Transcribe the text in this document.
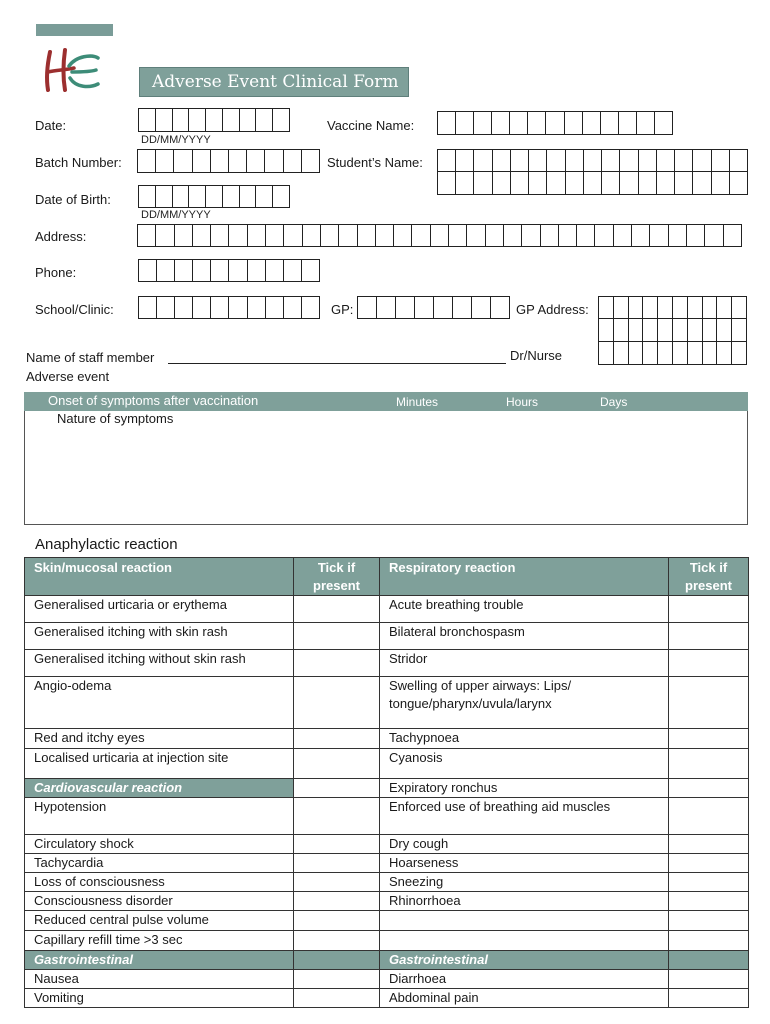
Adverse Event Clinical Form
Date:
DD/MM/YYYY
Vaccine Name:
Batch Number:	Student’s Name:
Date of Birth:
DD/MM/YYYY
Address:
Phone:
School/Clinic:	GP:	GP Address:
Name of staff member	Dr/Nurse
Adverse event
Onset of symptoms after vaccination	Minutes	Hours	Days
Nature of symptoms
Anaphylactic reaction
Skin/mucosal reaction	Tick if present	Respiratory reaction	Tick if present
Generalised urticaria or erythema		Acute breathing trouble	
Generalised itching with skin rash		Bilateral bronchospasm	
Generalised itching without skin rash		Stridor	
Angio-odema		Swelling of upper airways: Lips/ tongue/pharynx/uvula/larynx	
Red and itchy eyes		Tachypnoea	
Localised urticaria at injection site		Cyanosis	
Cardiovascular reaction		Expiratory ronchus	
Hypotension		Enforced use of breathing aid muscles	
Circulatory shock		Dry cough	
Tachycardia		Hoarseness	
Loss of consciousness		Sneezing	
Consciousness disorder		Rhinorrhoea	
Reduced central pulse volume			
Capillary refill time >3 sec			
Gastrointestinal		Gastrointestinal	
Nausea		Diarrhoea	
Vomiting		Abdominal pain	
